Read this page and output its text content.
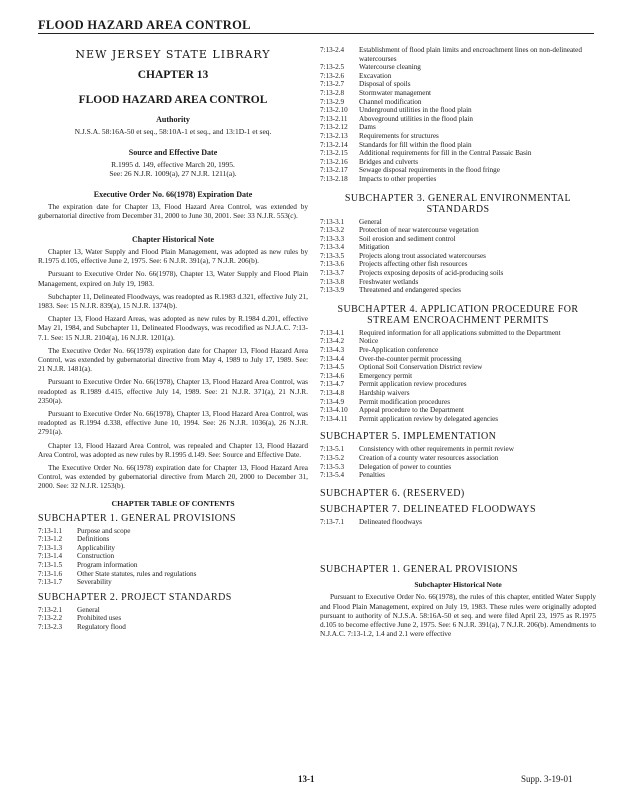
FLOOD HAZARD AREA CONTROL
NEW JERSEY STATE LIBRARY
CHAPTER 13
FLOOD HAZARD AREA CONTROL
Authority
N.J.S.A. 58:16A-50 et seq., 58:10A-1 et seq., and 13:1D-1 et seq.
Source and Effective Date
R.1995 d. 149, effective March 20, 1995.
See: 26 N.J.R. 1009(a), 27 N.J.R. 1211(a).
Executive Order No. 66(1978) Expiration Date
The expiration date for Chapter 13, Flood Hazard Area Control, was extended by gubernatorial directive from December 31, 2000 to June 30, 2001. See: 33 N.J.R. 553(c).
Chapter Historical Note
Chapter 13, Water Supply and Flood Plain Management, was adopted as new rules by R.1975 d.105, effective June 2, 1975. See: 6 N.J.R. 391(a), 7 N.J.R. 206(b).
Pursuant to Executive Order No. 66(1978), Chapter 13, Water Supply and Flood Plain Management, expired on July 19, 1983.
Subchapter 11, Delineated Floodways, was readopted as R.1983 d.321, effective July 21, 1983. See: 15 N.J.R. 839(a), 15 N.J.R. 1374(b).
Chapter 13, Flood Hazard Areas, was adopted as new rules by R.1984 d.201, effective May 21, 1984, and Subchapter 11, Delineated Floodways, was recodified as N.J.A.C. 7:13-7.1. See: 15 N.J.R. 2104(a), 16 N.J.R. 1201(a).
The Executive Order No. 66(1978) expiration date for Chapter 13, Flood Hazard Area Control, was extended by gubernatorial directive from May 4, 1989 to July 17, 1989. See: 21 N.J.R. 1481(a).
Pursuant to Executive Order No. 66(1978), Chapter 13, Flood Hazard Area Control, was readopted as R.1989 d.415, effective July 14, 1989. See: 21 N.J.R. 371(a), 21 N.J.R. 2350(a).
Pursuant to Executive Order No. 66(1978), Chapter 13, Flood Hazard Area Control, was readopted as R.1994 d.338, effective June 10, 1994. See: 26 N.J.R. 1036(a), 26 N.J.R. 2791(a).
Chapter 13, Flood Hazard Area Control, was repealed and Chapter 13, Flood Hazard Area Control, was adopted as new rules by R.1995 d.149. See: Source and Effective Date.
The Executive Order No. 66(1978) expiration date for Chapter 13, Flood Hazard Area Control, was extended by gubernatorial directive from March 20, 2000 to December 31, 2000. See: 32 N.J.R. 1253(b).
CHAPTER TABLE OF CONTENTS
SUBCHAPTER 1. GENERAL PROVISIONS
7:13-1.1	Purpose and scope
7:13-1.2	Definitions
7:13-1.3	Applicability
7:13-1.4	Construction
7:13-1.5	Program information
7:13-1.6	Other State statutes, rules and regulations
7:13-1.7	Severability
SUBCHAPTER 2. PROJECT STANDARDS
7:13-2.1	General
7:13-2.2	Prohibited uses
7:13-2.3	Regulatory flood
7:13-2.4	Establishment of flood plain limits and encroachment lines on non-delineated watercourses
7:13-2.5	Watercourse cleaning
7:13-2.6	Excavation
7:13-2.7	Disposal of spoils
7:13-2.8	Stormwater management
7:13-2.9	Channel modification
7:13-2.10	Underground utilities in the flood plain
7:13-2.11	Aboveground utilities in the flood plain
7:13-2.12	Dams
7:13-2.13	Requirements for structures
7:13-2.14	Standards for fill within the flood plain
7:13-2.15	Additional requirements for fill in the Central Passaic Basin
7:13-2.16	Bridges and culverts
7:13-2.17	Sewage disposal requirements in the flood fringe
7:13-2.18	Impacts to other properties
SUBCHAPTER 3. GENERAL ENVIRONMENTAL STANDARDS
7:13-3.1	General
7:13-3.2	Protection of near watercourse vegetation
7:13-3.3	Soil erosion and sediment control
7:13-3.4	Mitigation
7:13-3.5	Projects along trout associated watercourses
7:13-3.6	Projects affecting other fish resources
7:13-3.7	Projects exposing deposits of acid-producing soils
7:13-3.8	Freshwater wetlands
7:13-3.9	Threatened and endangered species
SUBCHAPTER 4. APPLICATION PROCEDURE FOR STREAM ENCROACHMENT PERMITS
7:13-4.1	Required information for all applications submitted to the Department
7:13-4.2	Notice
7:13-4.3	Pre-Application conference
7:13-4.4	Over-the-counter permit processing
7:13-4.5	Optional Soil Conservation District review
7:13-4.6	Emergency permit
7:13-4.7	Permit application review procedures
7:13-4.8	Hardship waivers
7:13-4.9	Permit modification procedures
7:13-4.10	Appeal procedure to the Department
7:13-4.11	Permit application review by delegated agencies
SUBCHAPTER 5. IMPLEMENTATION
7:13-5.1	Consistency with other requirements in permit review
7:13-5.2	Creation of a county water resources association
7:13-5.3	Delegation of power to counties
7:13-5.4	Penalties
SUBCHAPTER 6. (RESERVED)
SUBCHAPTER 7. DELINEATED FLOODWAYS
7:13-7.1	Delineated floodways
SUBCHAPTER 1. GENERAL PROVISIONS
Subchapter Historical Note
Pursuant to Executive Order No. 66(1978), the rules of this chapter, entitled Water Supply and Flood Plain Management, expired on July 19, 1983. These rules were originally adopted pursuant to authority of N.J.S.A. 58:16A-50 et seq. and were filed April 23, 1975 as R.1975 d.105 to become effective June 2, 1975. See: 6 N.J.R. 391(a), 7 N.J.R. 206(b). Amendments to N.J.A.C. 7:13-1.2, 1.4 and 2.1 were effective
13-1	Supp. 3-19-01
